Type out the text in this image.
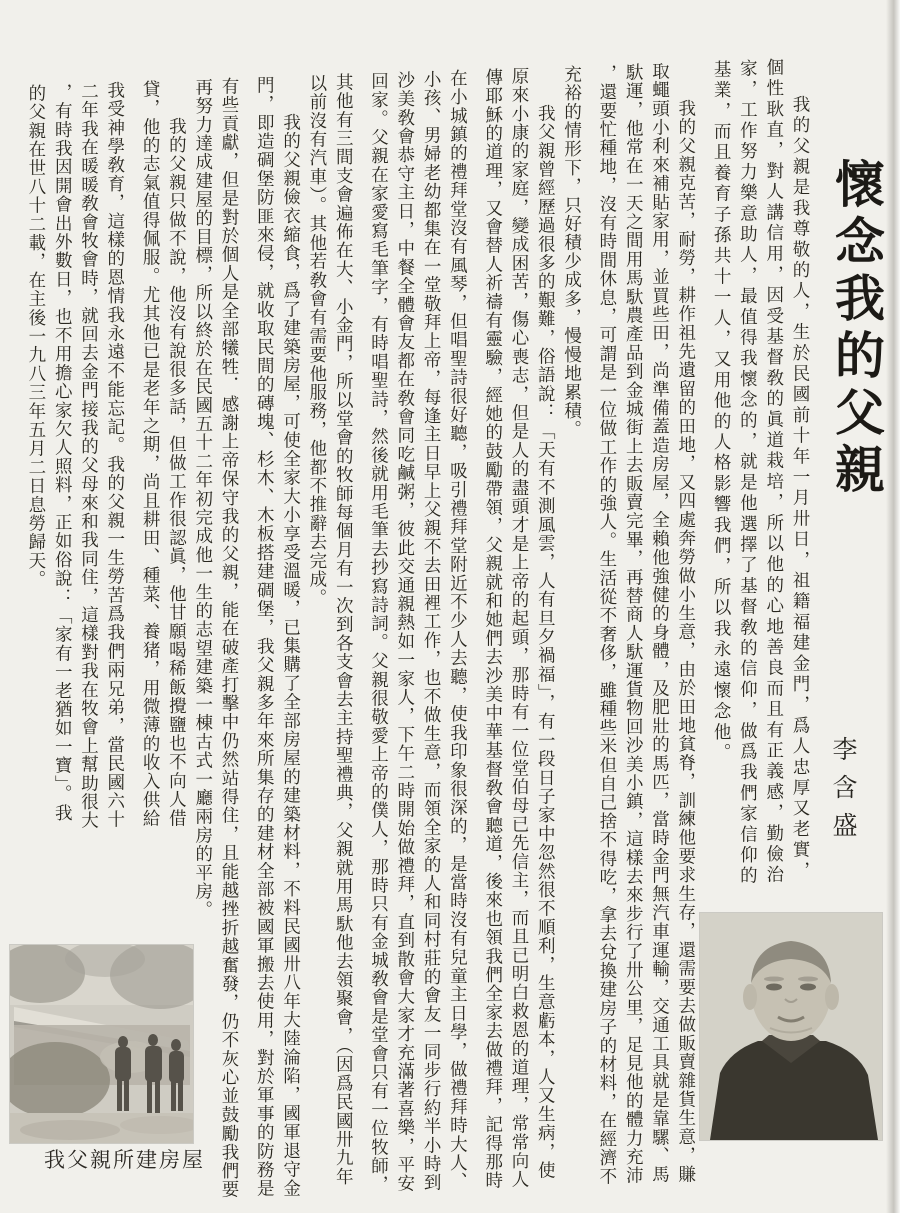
懷念我的父親
李含盛
我的父親是我尊敬的人，生於民國前十年一月卅日，祖籍福建金門，爲人忠厚又老實，
個性耿直，對人講信用，因受基督敎的眞道栽培，所以他的心地善良而且有正義感，勤儉治
家，工作努力樂意助人，最值得我懷念的，就是他選擇了基督敎的信仰，做爲我們家信仰的
基業，而且養育子孫共十一人，又用他的人格影響我們，所以我永遠懷念他。
我的父親克苦，耐勞，耕作祖先遺留的田地，又四處奔勞做小生意，由於田地貧脊，訓練他要求生存，還需要去做販賣雜貨生意，賺
取蠅頭小利來補貼家用，並買些田，尚準備蓋造房屋，全賴他強健的身體，及肥壯的馬匹，當時金門無汽車運輸，交通工具就是靠騾、馬
馱運，他常在一天之間用馬馱農產品到金城街上去販賣完畢，再替商人馱運貨物回沙美小鎮，這樣去來步行了卅公里，足見他的體力充沛
，還要忙種地，沒有時間休息，可謂是一位做工作的強人。生活從不奢侈，雖種些米但自己捨不得吃，拿去兌換建房子的材料，在經濟不
充裕的情形下，只好積少成多，慢慢地累積。
我父親曾經歷過很多的艱難，俗語說：「天有不測風雲，人有旦夕禍福」，有一段日子家中忽然很不順利，生意虧本，人又生病，使
原來小康的家庭，變成困苦，傷心喪志，但是人的盡頭才是上帝的起頭，那時有一位堂伯母已先信主，而且已明白救恩的道理，常常向人
傳耶穌的道理，又會替人祈禱有靈驗，經她的鼓勵帶領，父親就和她們去沙美中華基督敎會聽道，後來也領我們全家去做禮拜，記得那時
在小城鎮的禮拜堂沒有風琴，但唱聖詩很好聽，吸引禮拜堂附近不少人去聽，使我印象很深的，是當時沒有兒童主日學，做禮拜時大人、
小孩、男婦老幼都集在一堂敬拜上帝，每逢主日早上父親不去田裡工作，也不做生意，而領全家的人和同村莊的會友一同步行約半小時到
沙美敎會恭守主日，中餐全體會友都在敎會同吃鹹粥，彼此交通親熱如一家人，下午二時開始做禮拜，直到散會大家才充滿著喜樂，平安
回家。父親在家愛寫毛筆字，有時唱聖詩，然後就用毛筆去抄寫詩詞。父親很敬愛上帝的僕人，那時只有金城敎會是堂會只有一位牧師，
其他有三間支會遍佈在大、小金門，所以堂會的牧師每個月有一次到各支會去主持聖禮典，父親就用馬馱他去領聚會，（因爲民國卅九年
以前沒有汽車）。其他若敎會有需要他服務，他都不推辭去完成。
我的父親儉衣縮食，爲了建築房屋，可使全家大小享受溫暖，已集購了全部房屋的建築材料，不料民國卅八年大陸淪陷，國軍退守金
門，即造碉堡防匪來侵，就收取民間的磚塊、杉木、木板搭建碉堡，我父親多年來所集存的建材全部被國軍搬去使用，對於軍事的防務是
有些貢獻，但是對於個人是全部犧牲．感謝上帝保守我的父親，能在破產打擊中仍然站得住，且能越挫折越奮發，仍不灰心並鼓勵我們要
再努力達成建屋的目標，所以終於在民國五十二年初完成他一生的志望建築一棟古式一廳兩房的平房。
我的父親只做不說，他沒有說很多話，但做工作很認眞，他甘願喝稀飯攪鹽也不向人借
貸，他的志氣值得佩服。尤其他已是老年之期，尚且耕田、種菜、養猪，用微薄的收入供給
我受神學敎育，這樣的恩情我永遠不能忘記。我的父親一生勞苦爲我們兩兄弟，當民國六十
二年我在暖暖敎會牧會時，就回去金門接我的父母來和我同住，這樣對我在牧會上幫助很大
，有時我因開會出外數日，也不用擔心家欠人照料，正如俗說：「家有一老猶如一寶」。我
的父親在世八十二載，在主後一九八三年五月二日息勞歸天。
我父親所建房屋
